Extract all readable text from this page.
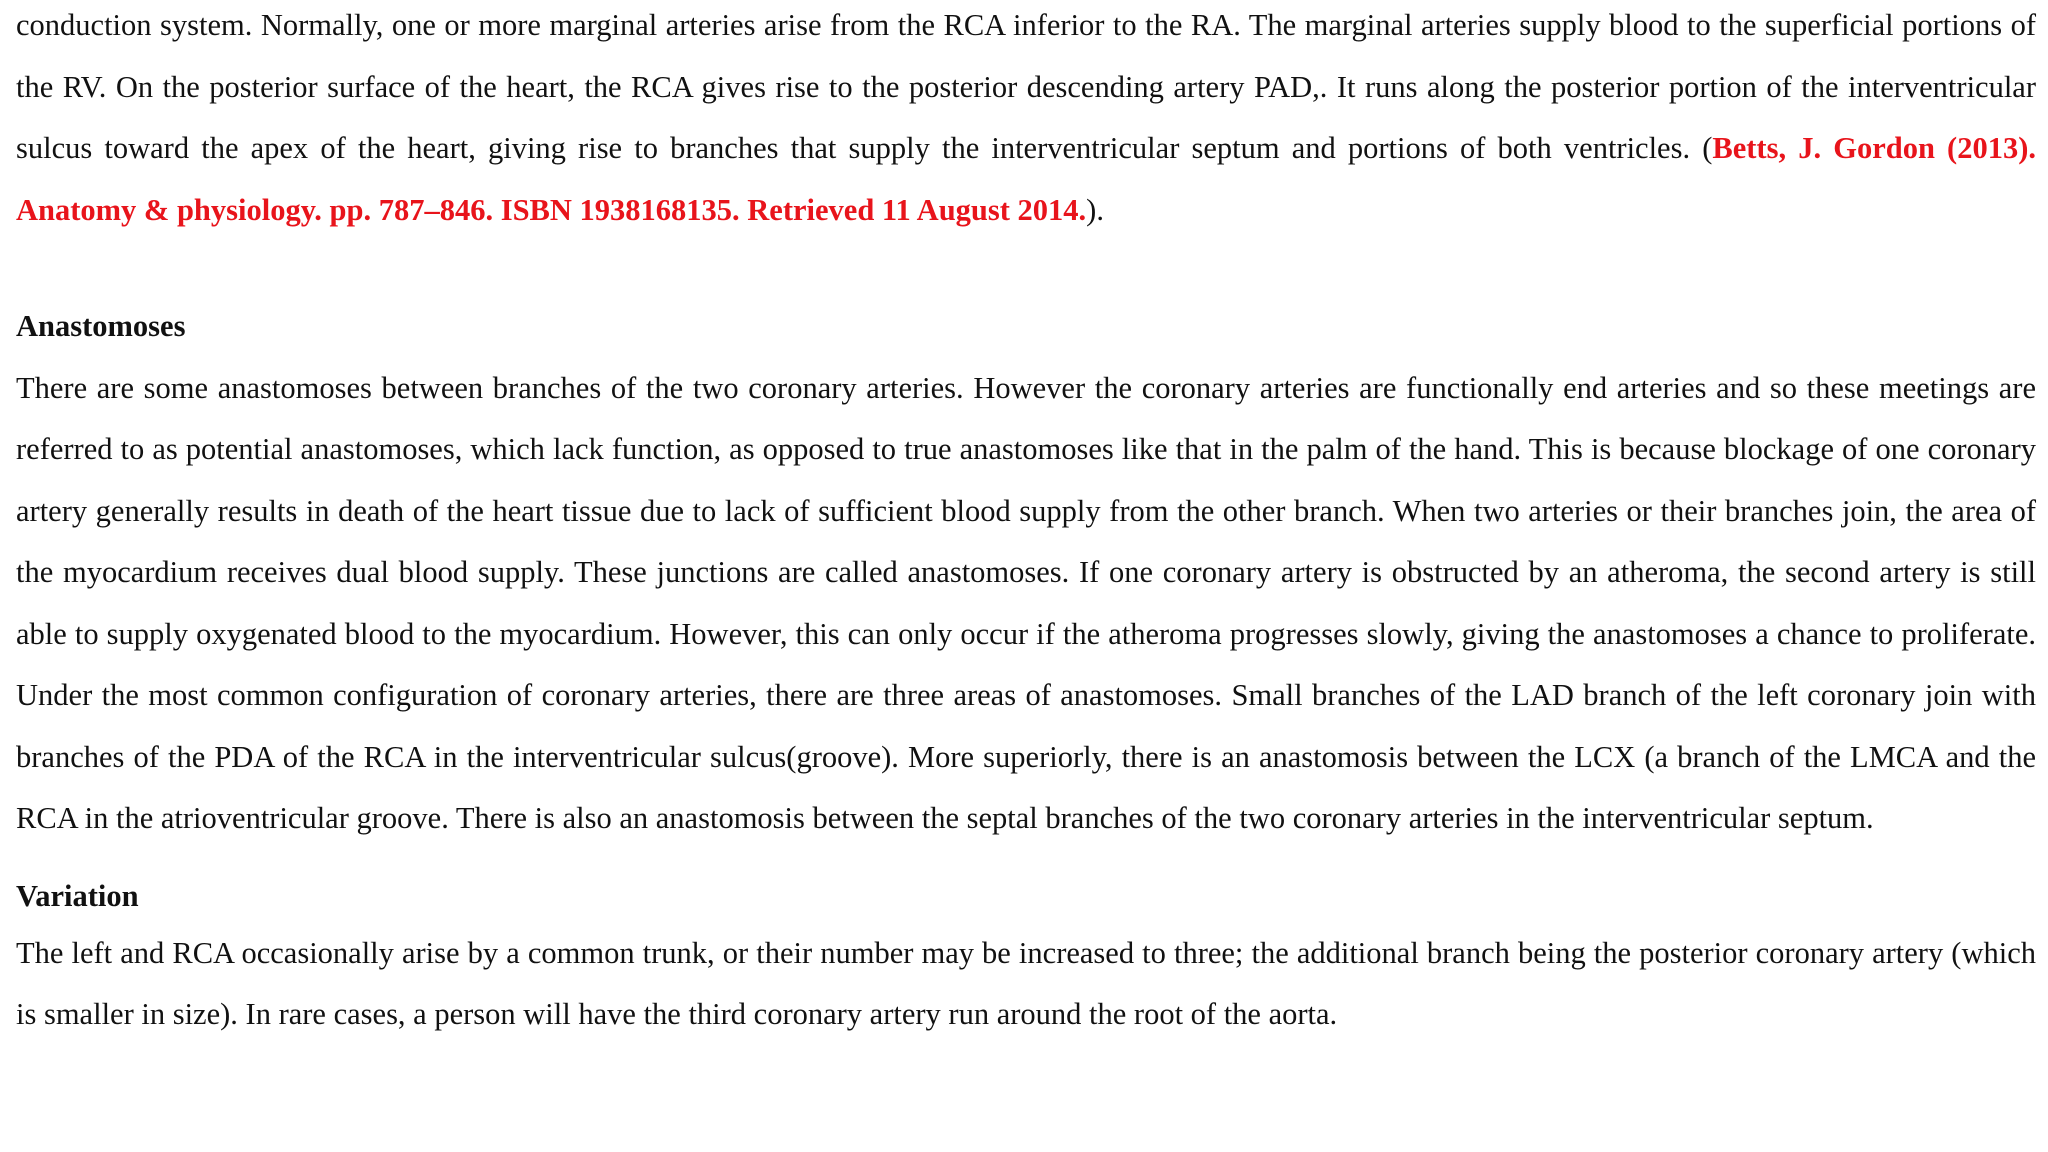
conduction system. Normally, one or more marginal arteries arise from the RCA inferior to the RA. The marginal arteries supply blood to the superficial portions of the RV. On the posterior surface of the heart, the RCA gives rise to the posterior descending artery PAD,. It runs along the posterior portion of the interventricular sulcus toward the apex of the heart, giving rise to branches that supply the interventricular septum and portions of both ventricles. (Betts, J. Gordon (2013). Anatomy & physiology. pp. 787–846. ISBN 1938168135. Retrieved 11 August 2014.).

Anastomoses

There are some anastomoses between branches of the two coronary arteries. However the coronary arteries are functionally end arteries and so these meetings are referred to as potential anastomoses, which lack function, as opposed to true anastomoses like that in the palm of the hand. This is because blockage of one coronary artery generally results in death of the heart tissue due to lack of sufficient blood supply from the other branch. When two arteries or their branches join, the area of the myocardium receives dual blood supply. These junctions are called anastomoses. If one coronary artery is obstructed by an atheroma, the second artery is still able to supply oxygenated blood to the myocardium. However, this can only occur if the atheroma progresses slowly, giving the anastomoses a chance to proliferate. Under the most common configuration of coronary arteries, there are three areas of anastomoses. Small branches of the LAD branch of the left coronary join with branches of the PDA of the RCA in the interventricular sulcus(groove). More superiorly, there is an anastomosis between the LCX (a branch of the LMCA and the RCA in the atrioventricular groove. There is also an anastomosis between the septal branches of the two coronary arteries in the interventricular septum.

Variation

The left and RCA occasionally arise by a common trunk, or their number may be increased to three; the additional branch being the posterior coronary artery (which is smaller in size). In rare cases, a person will have the third coronary artery run around the root of the aorta.
